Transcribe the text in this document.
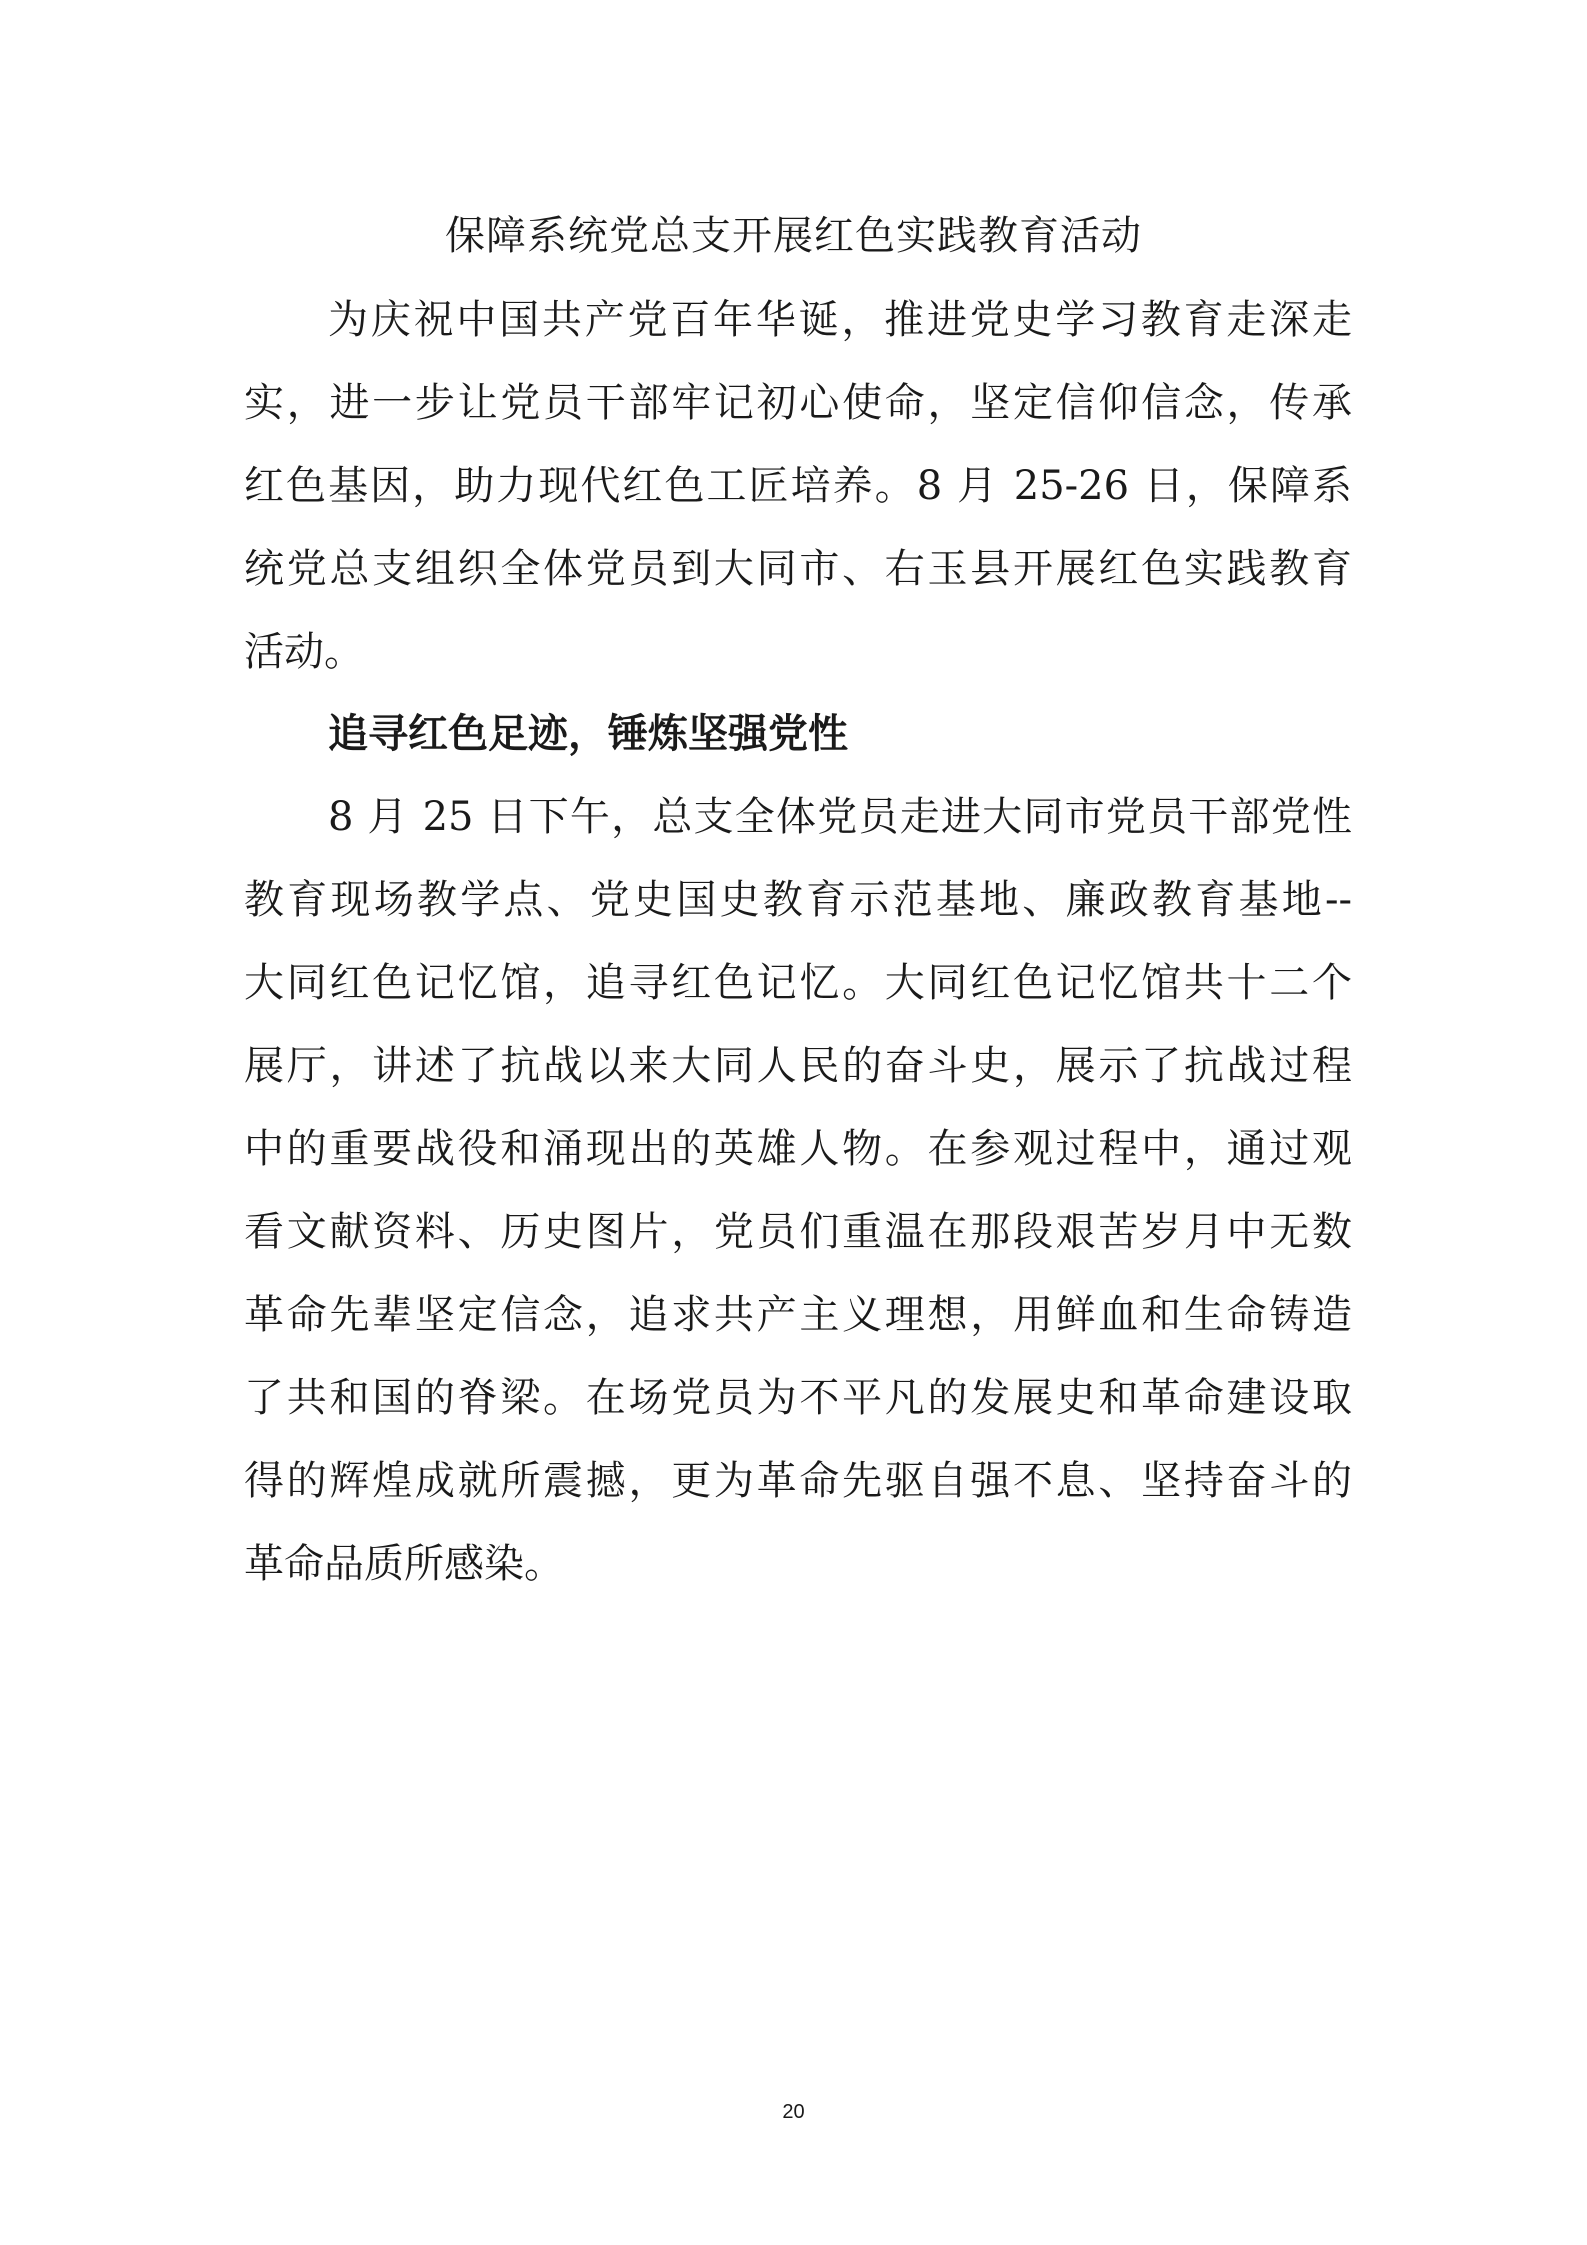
保障系统党总支开展红色实践教育活动

为庆祝中国共产党百年华诞，推进党史学习教育走深走

实，进一步让党员干部牢记初心使命，坚定信仰信念，传承

红色基因，助力现代红色工匠培养。8 月 25-26 日，保障系

统党总支组织全体党员到大同市、右玉县开展红色实践教育

活动。

追寻红色足迹，锤炼坚强党性

8 月 25 日下午，总支全体党员走进大同市党员干部党性

教育现场教学点、党史国史教育示范基地、廉政教育基地--

大同红色记忆馆，追寻红色记忆。大同红色记忆馆共十二个

展厅，讲述了抗战以来大同人民的奋斗史，展示了抗战过程

中的重要战役和涌现出的英雄人物。在参观过程中，通过观

看文献资料、历史图片，党员们重温在那段艰苦岁月中无数

革命先辈坚定信念，追求共产主义理想，用鲜血和生命铸造

了共和国的脊梁。在场党员为不平凡的发展史和革命建设取

得的辉煌成就所震撼，更为革命先驱自强不息、坚持奋斗的

革命品质所感染。

20
